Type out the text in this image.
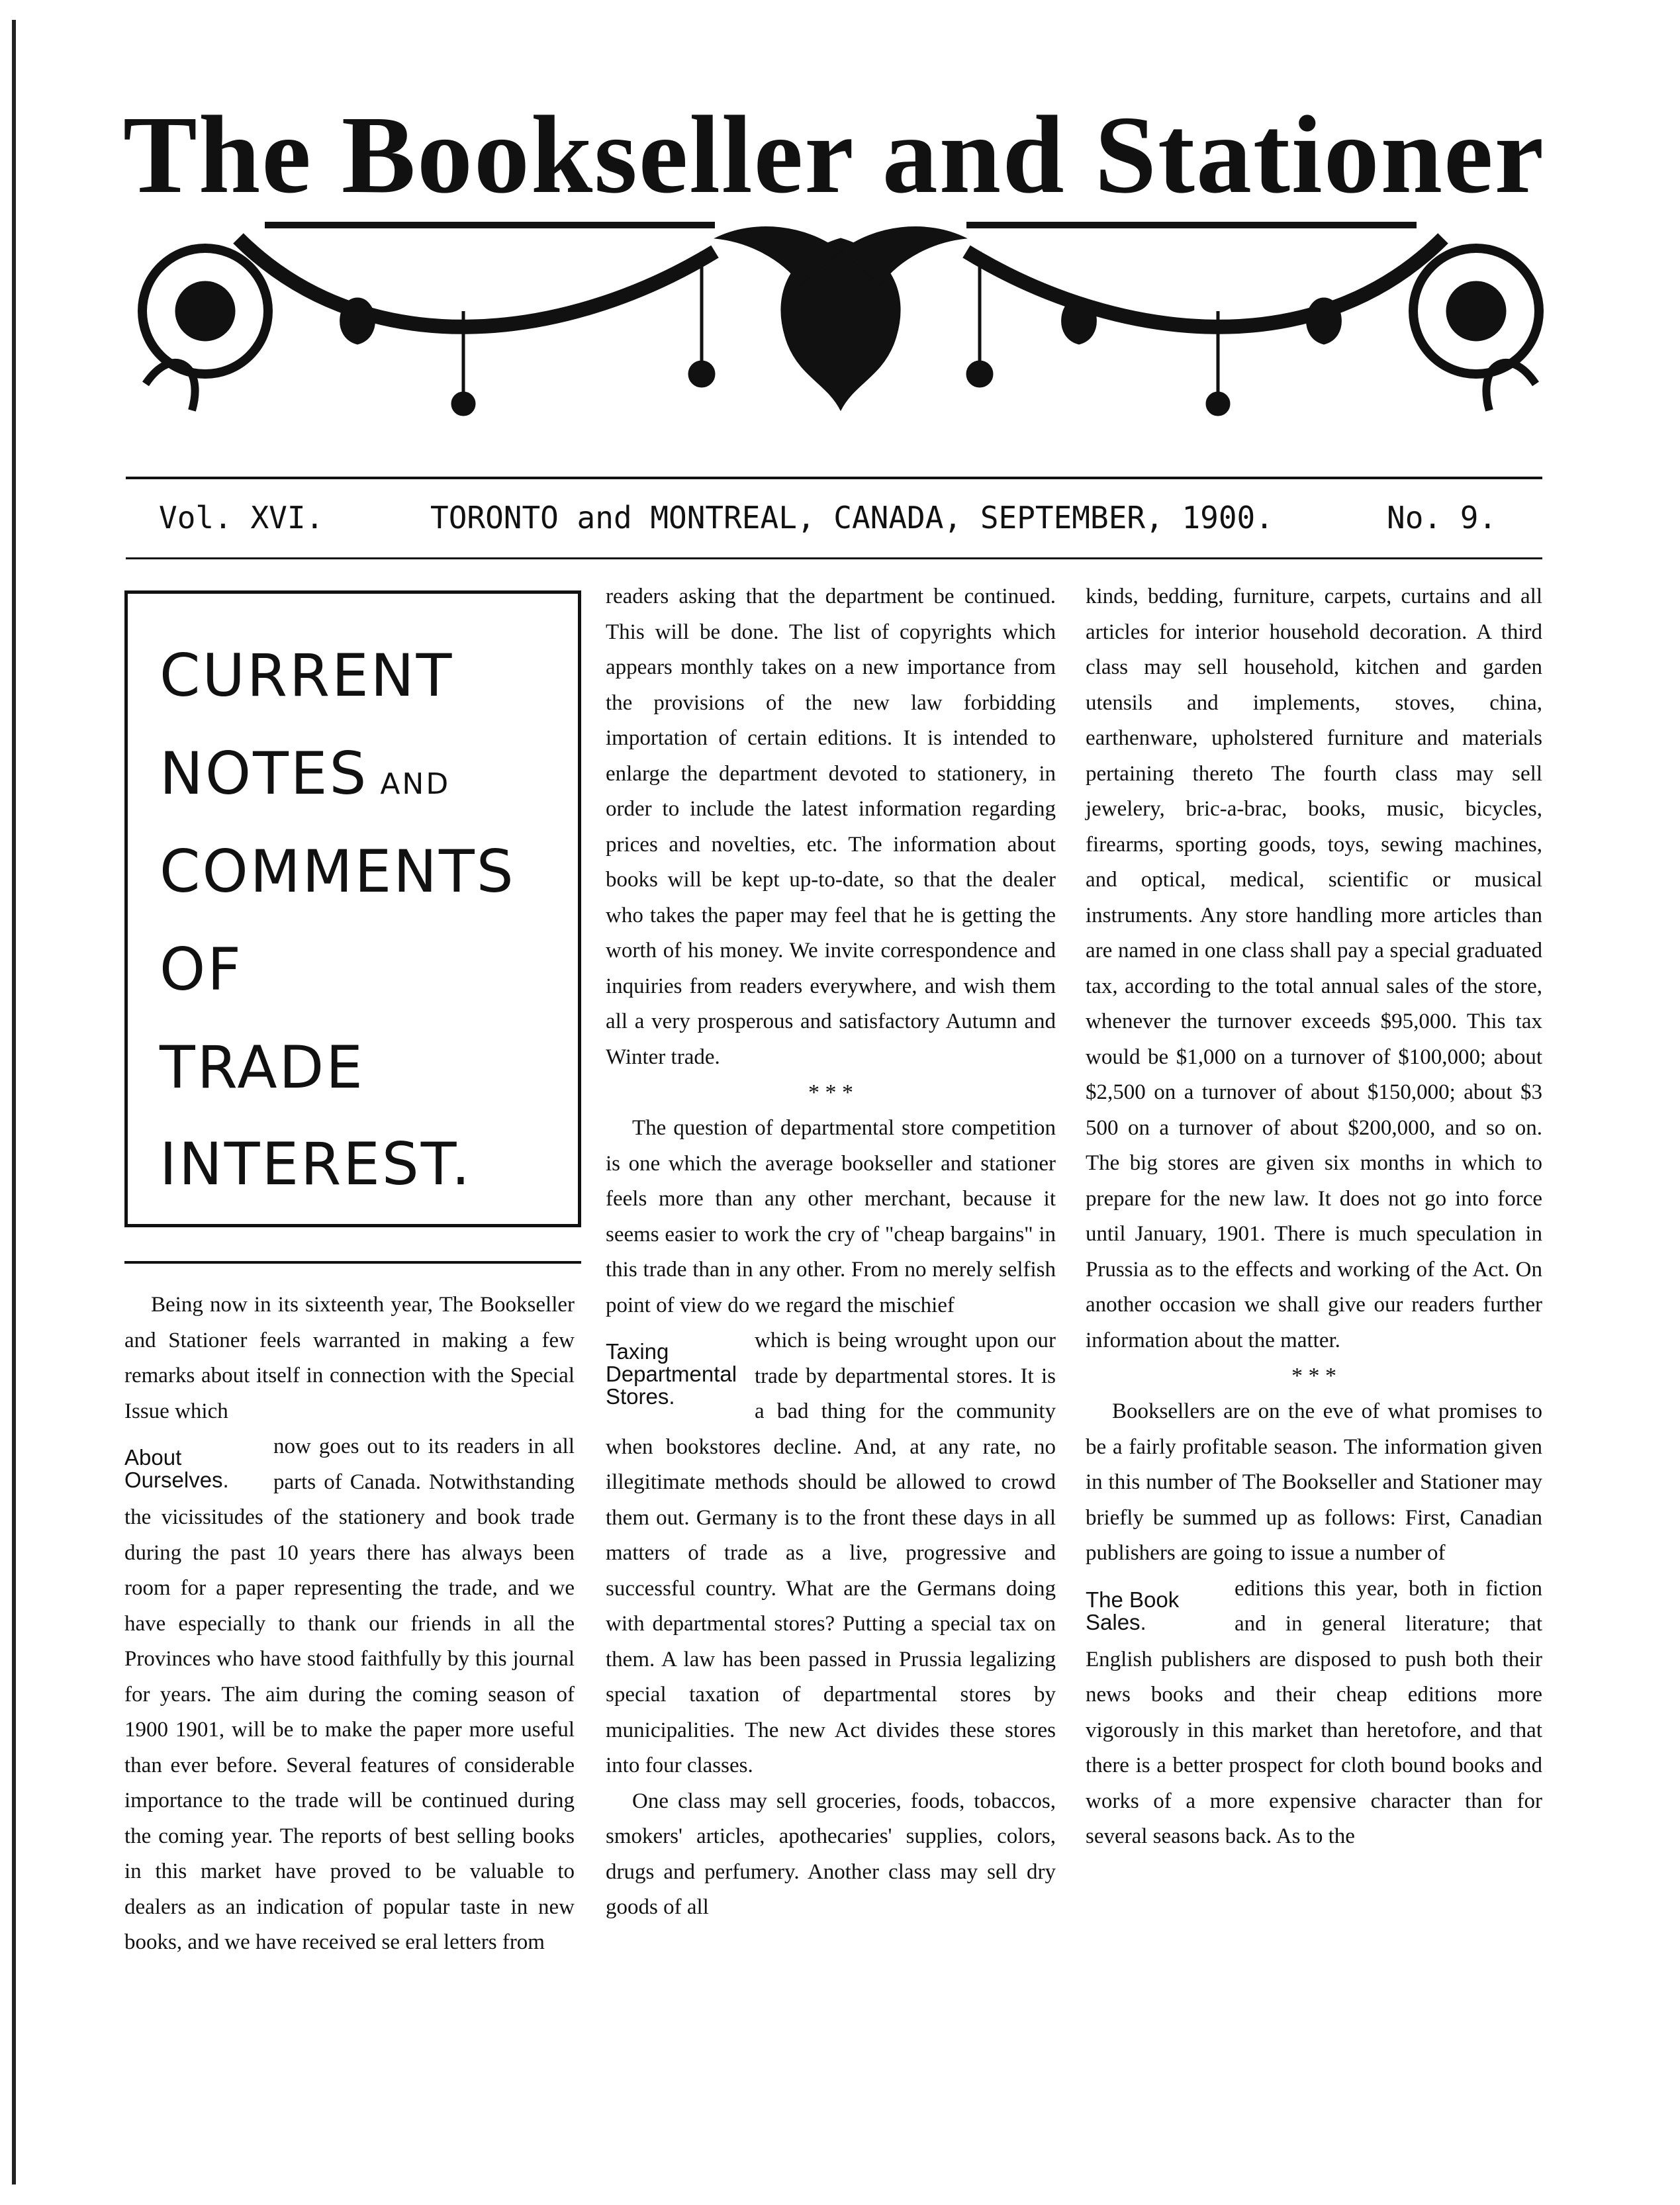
The Bookseller and Stationer
Vol. XVI.	TORONTO and MONTREAL, CANADA, SEPTEMBER, 1900.	No. 9.
CURRENT
NOTES AND
COMMENTS
OF
TRADE
INTEREST.

Being now in its sixteenth year, The Bookseller and Stationer feels warranted in making a few remarks about itself in connection with the Special Issue which

About Ourselves.

now goes out to its readers in all parts of Canada. Notwithstanding the vicissitudes of the stationery and book trade during the past 10 years there has always been room for a paper representing the trade, and we have especially to thank our friends in all the Provinces who have stood faithfully by this journal for years. The aim during the coming season of 1900 1901, will be to make the paper more useful than ever before. Several features of considerable importance to the trade will be continued during the coming year. The reports of best selling books in this market have proved to be valuable to dealers as an indication of popular taste in new books, and we have received se eral letters from

readers asking that the department be continued. This will be done. The list of copyrights which appears monthly takes on a new importance from the provisions of the new law forbidding importation of certain editions. It is intended to enlarge the department devoted to stationery, in order to include the latest information regarding prices and novelties, etc. The information about books will be kept up-to-date, so that the dealer who takes the paper may feel that he is getting the worth of his money. We invite correspondence and inquiries from readers everywhere, and wish them all a very prosperous and satisfactory Autumn and Winter trade.

* * *

The question of departmental store competition is one which the average bookseller and stationer feels more than any other merchant, because it seems easier to work the cry of "cheap bargains" in this trade than in any other. From no merely selfish point of view do we regard the mischief

Taxing Departmental Stores.

which is being wrought upon our trade by departmental stores. It is a bad thing for the community when bookstores decline. And, at any rate, no illegitimate methods should be allowed to crowd them out. Germany is to the front these days in all matters of trade as a live, progressive and successful country. What are the Germans doing with departmental stores? Putting a special tax on them. A law has been passed in Prussia legalizing special taxation of departmental stores by municipalities. The new Act divides these stores into four classes.

One class may sell groceries, foods, tobaccos, smokers' articles, apothecaries' supplies, colors, drugs and perfumery. Another class may sell dry goods of all

kinds, bedding, furniture, carpets, curtains and all articles for interior household decoration. A third class may sell household, kitchen and garden utensils and implements, stoves, china, earthenware, upholstered furniture and materials pertaining thereto The fourth class may sell jewelery, bric-a-brac, books, music, bicycles, firearms, sporting goods, toys, sewing machines, and optical, medical, scientific or musical instruments. Any store handling more articles than are named in one class shall pay a special graduated tax, according to the total annual sales of the store, whenever the turnover exceeds $95,000. This tax would be $1,000 on a turnover of $100,000; about $2,500 on a turnover of about $150,000; about $3 500 on a turnover of about $200,000, and so on. The big stores are given six months in which to prepare for the new law. It does not go into force until January, 1901. There is much speculation in Prussia as to the effects and working of the Act. On another occasion we shall give our readers further information about the matter.

* * *

Booksellers are on the eve of what promises to be a fairly profitable season. The information given in this number of The Bookseller and Stationer may briefly be summed up as follows: First, Canadian publishers are going to issue a number of

The Book Sales.

editions this year, both in fiction and in general literature; that English publishers are disposed to push both their news books and their cheap editions more vigorously in this market than heretofore, and that there is a better prospect for cloth bound books and works of a more expensive character than for several seasons back. As to the
